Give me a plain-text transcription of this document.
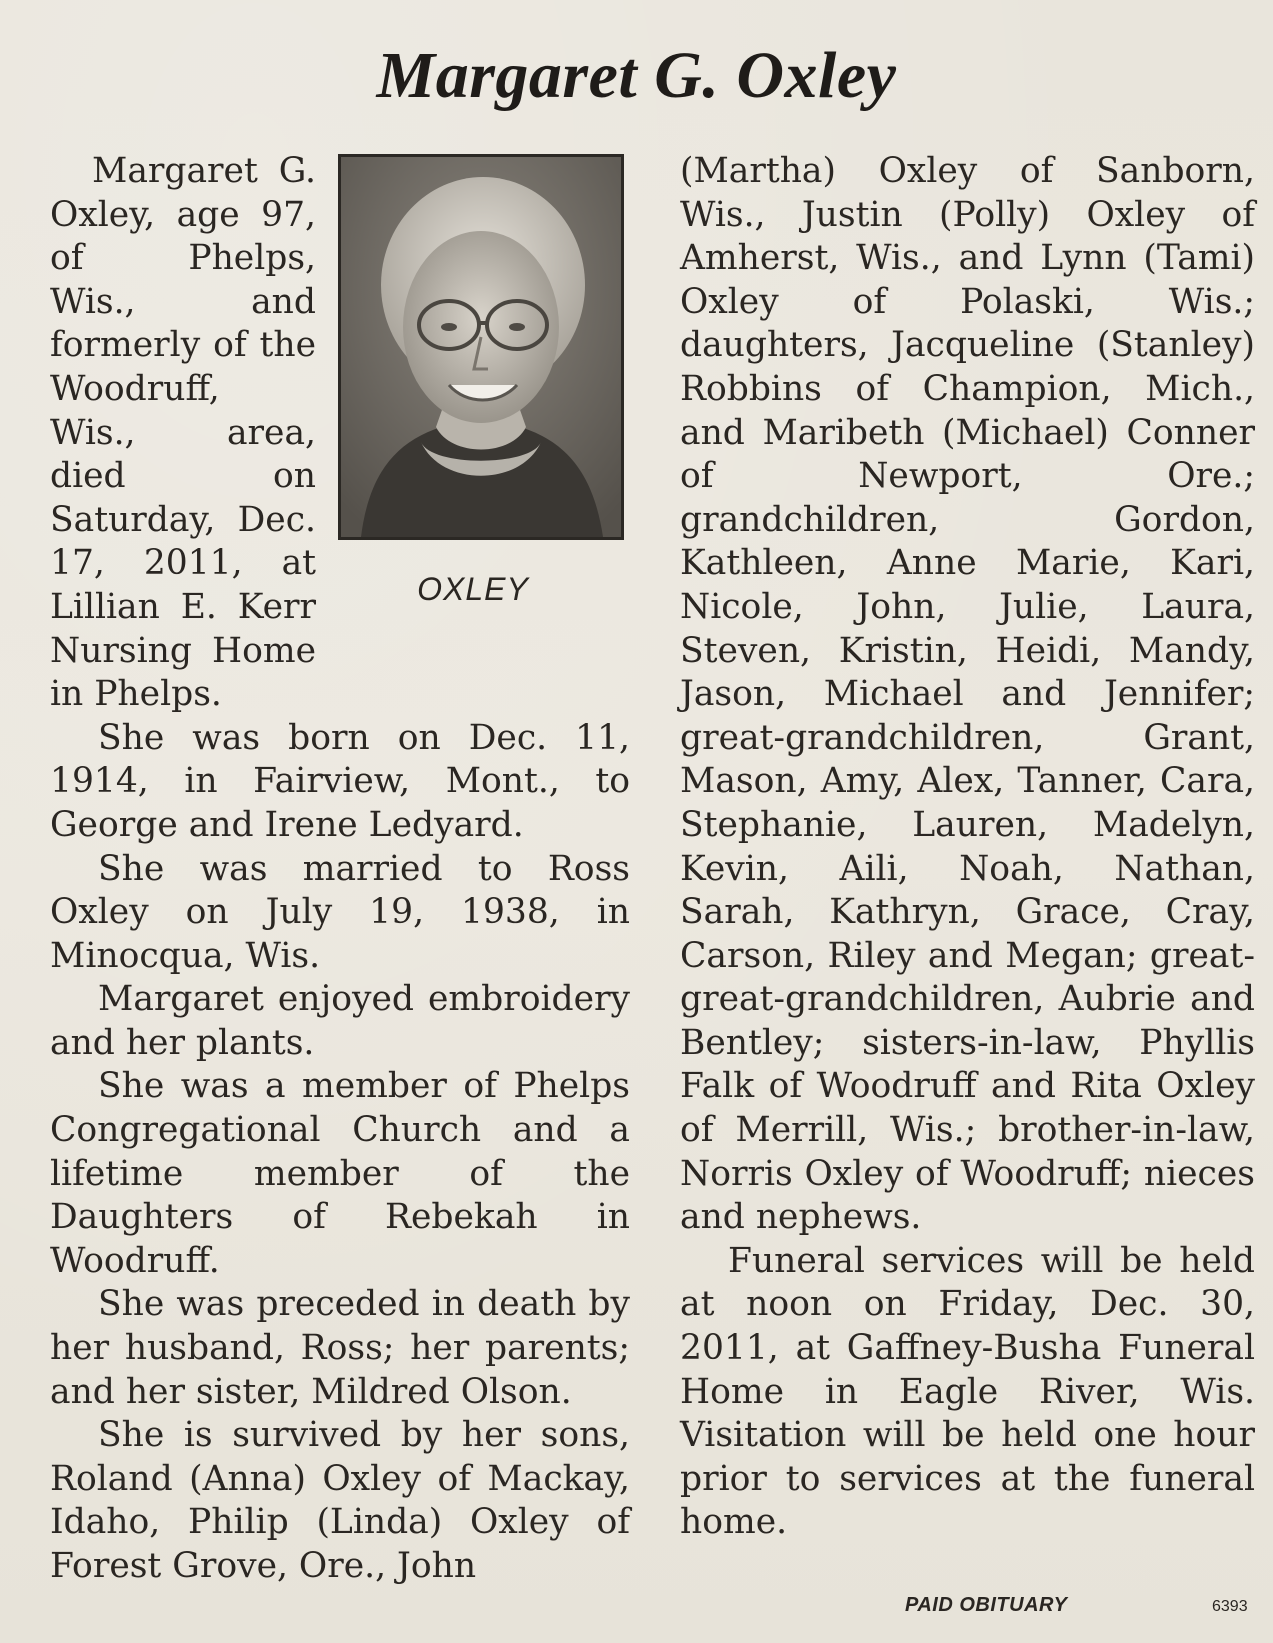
Margaret G. Oxley
OXLEY

Margaret G. Oxley, age 97, of Phelps, Wis., and formerly of the Woodruff, Wis., area, died on Saturday, Dec. 17, 2011, at Lillian E. Kerr Nursing Home in Phelps.

She was born on Dec. 11, 1914, in Fairview, Mont., to George and Irene Ledyard.

She was married to Ross Oxley on July 19, 1938, in Minocqua, Wis.

Margaret enjoyed embroidery and her plants.

She was a member of Phelps Congregational Church and a lifetime member of the Daughters of Rebekah in Woodruff.

She was preceded in death by her husband, Ross; her parents; and her sister, Mildred Olson.

She is survived by her sons, Roland (Anna) Oxley of Mackay, Idaho, Philip (Linda) Oxley of Forest Grove, Ore., John

(Martha) Oxley of Sanborn, Wis., Justin (Polly) Oxley of Amherst, Wis., and Lynn (Tami) Oxley of Polaski, Wis.; daughters, Jacqueline (Stanley) Robbins of Champion, Mich., and Maribeth (Michael) Conner of Newport, Ore.; grandchildren, Gordon, Kathleen, Anne Marie, Kari, Nicole, John, Julie, Laura, Steven, Kristin, Heidi, Mandy, Jason, Michael and Jennifer; great-grandchildren, Grant, Mason, Amy, Alex, Tanner, Cara, Stephanie, Lauren, Madelyn, Kevin, Aili, Noah, Nathan, Sarah, Kathryn, Grace, Cray, Carson, Riley and Megan; great-great-grandchildren, Aubrie and Bentley; sisters-in-law, Phyllis Falk of Woodruff and Rita Oxley of Merrill, Wis.; brother-in-law, Norris Oxley of Woodruff; nieces and nephews.

Funeral services will be held at noon on Friday, Dec. 30, 2011, at Gaffney-Busha Funeral Home in Eagle River, Wis. Visitation will be held one hour prior to services at the funeral home.

PAID OBITUARY	6393
